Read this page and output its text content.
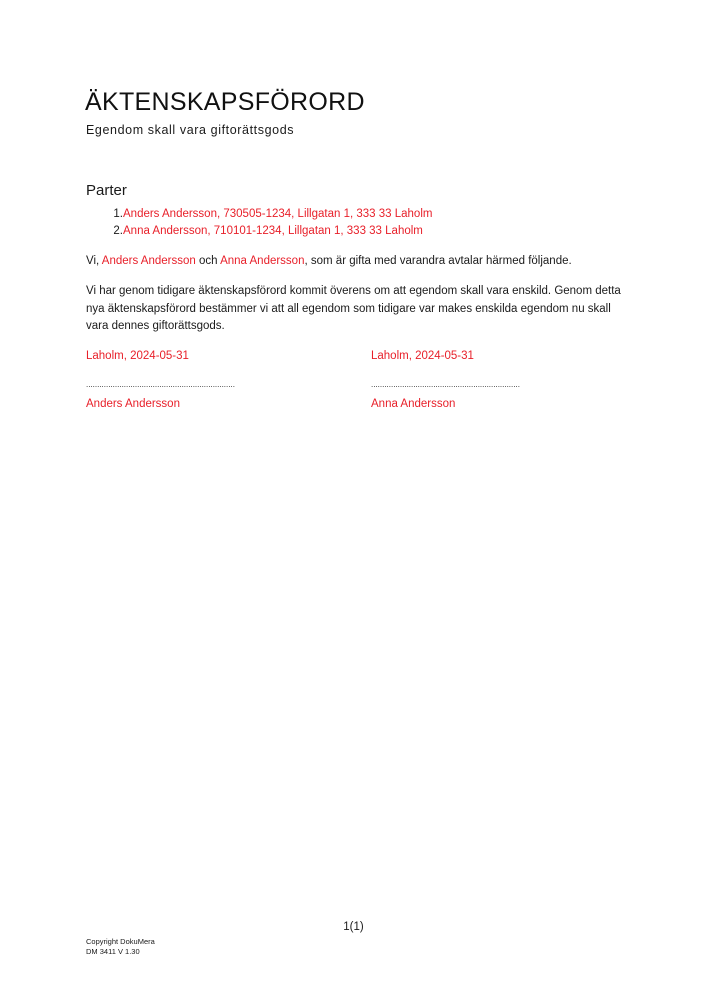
ÄKTENSKAPSFÖRORD
Egendom skall vara giftorättsgods
Parter
1. Anders Andersson, 730505-1234, Lillgatan 1, 333 33 Laholm
2. Anna Andersson, 710101-1234, Lillgatan 1, 333 33 Laholm
Vi, Anders Andersson och Anna Andersson, som är gifta med varandra avtalar härmed följande.
Vi har genom tidigare äktenskapsförord kommit överens om att egendom skall vara enskild. Genom detta nya äktenskapsförord bestämmer vi att all egendom som tidigare var makes enskilda egendom nu skall vara dennes giftorättsgods.
Laholm, 2024-05-31	Laholm, 2024-05-31
...................................................................	...................................................................
Anders Andersson	Anna Andersson
1(1)
Copyright DokuMera
DM 3411 V 1.30
